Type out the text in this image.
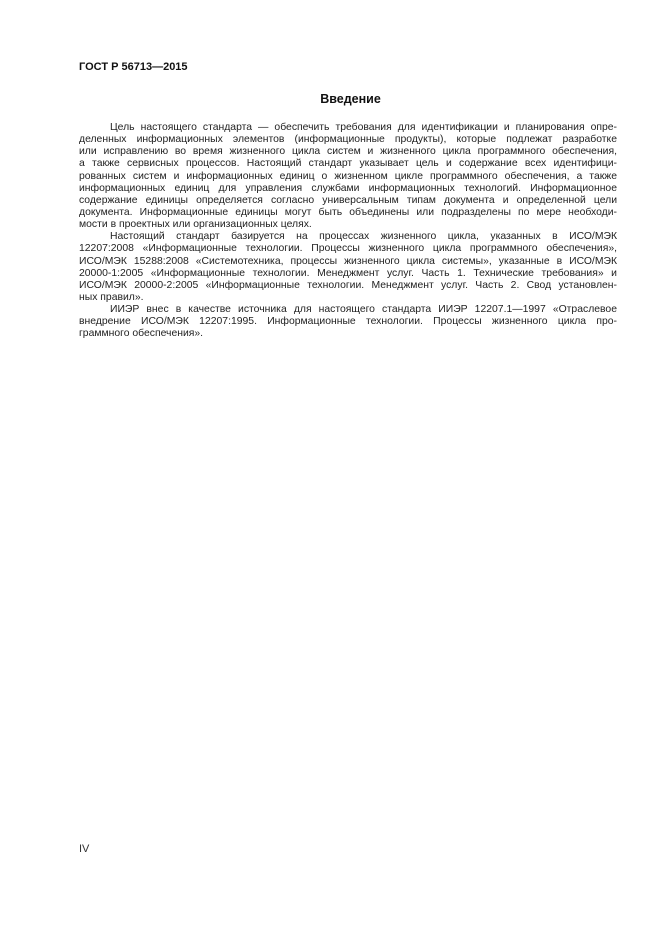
ГОСТ Р 56713—2015
Введение
Цель настоящего стандарта — обеспечить требования для идентификации и планирования опре-
деленных информационных элементов (информационные продукты), которые подлежат разработке
или исправлению во время жизненного цикла систем и жизненного цикла программного обеспечения,
а также сервисных процессов. Настоящий стандарт указывает цель и содержание всех идентифици-
рованных систем и информационных единиц о жизненном цикле программного обеспечения, а также
информационных единиц для управления службами информационных технологий. Информационное
содержание единицы определяется согласно универсальным типам документа и определенной цели
документа. Информационные единицы могут быть объединены или подразделены по мере необходи-
мости в проектных или организационных целях.
Настоящий стандарт базируется на процессах жизненного цикла, указанных в ИСО/МЭК
12207:2008 «Информационные технологии. Процессы жизненного цикла программного обеспечения»,
ИСО/МЭК 15288:2008 «Системотехника, процессы жизненного цикла системы», указанные в ИСО/МЭК
20000-1:2005 «Информационные технологии. Менеджмент услуг. Часть 1. Технические требования» и
ИСО/МЭК 20000-2:2005 «Информационные технологии. Менеджмент услуг. Часть 2. Свод установлен-
ных правил».
ИИЭР внес в качестве источника для настоящего стандарта ИИЭР 12207.1—1997 «Отраслевое
внедрение ИСО/МЭК 12207:1995. Информационные технологии. Процессы жизненного цикла про-
граммного обеспечения».
IV
